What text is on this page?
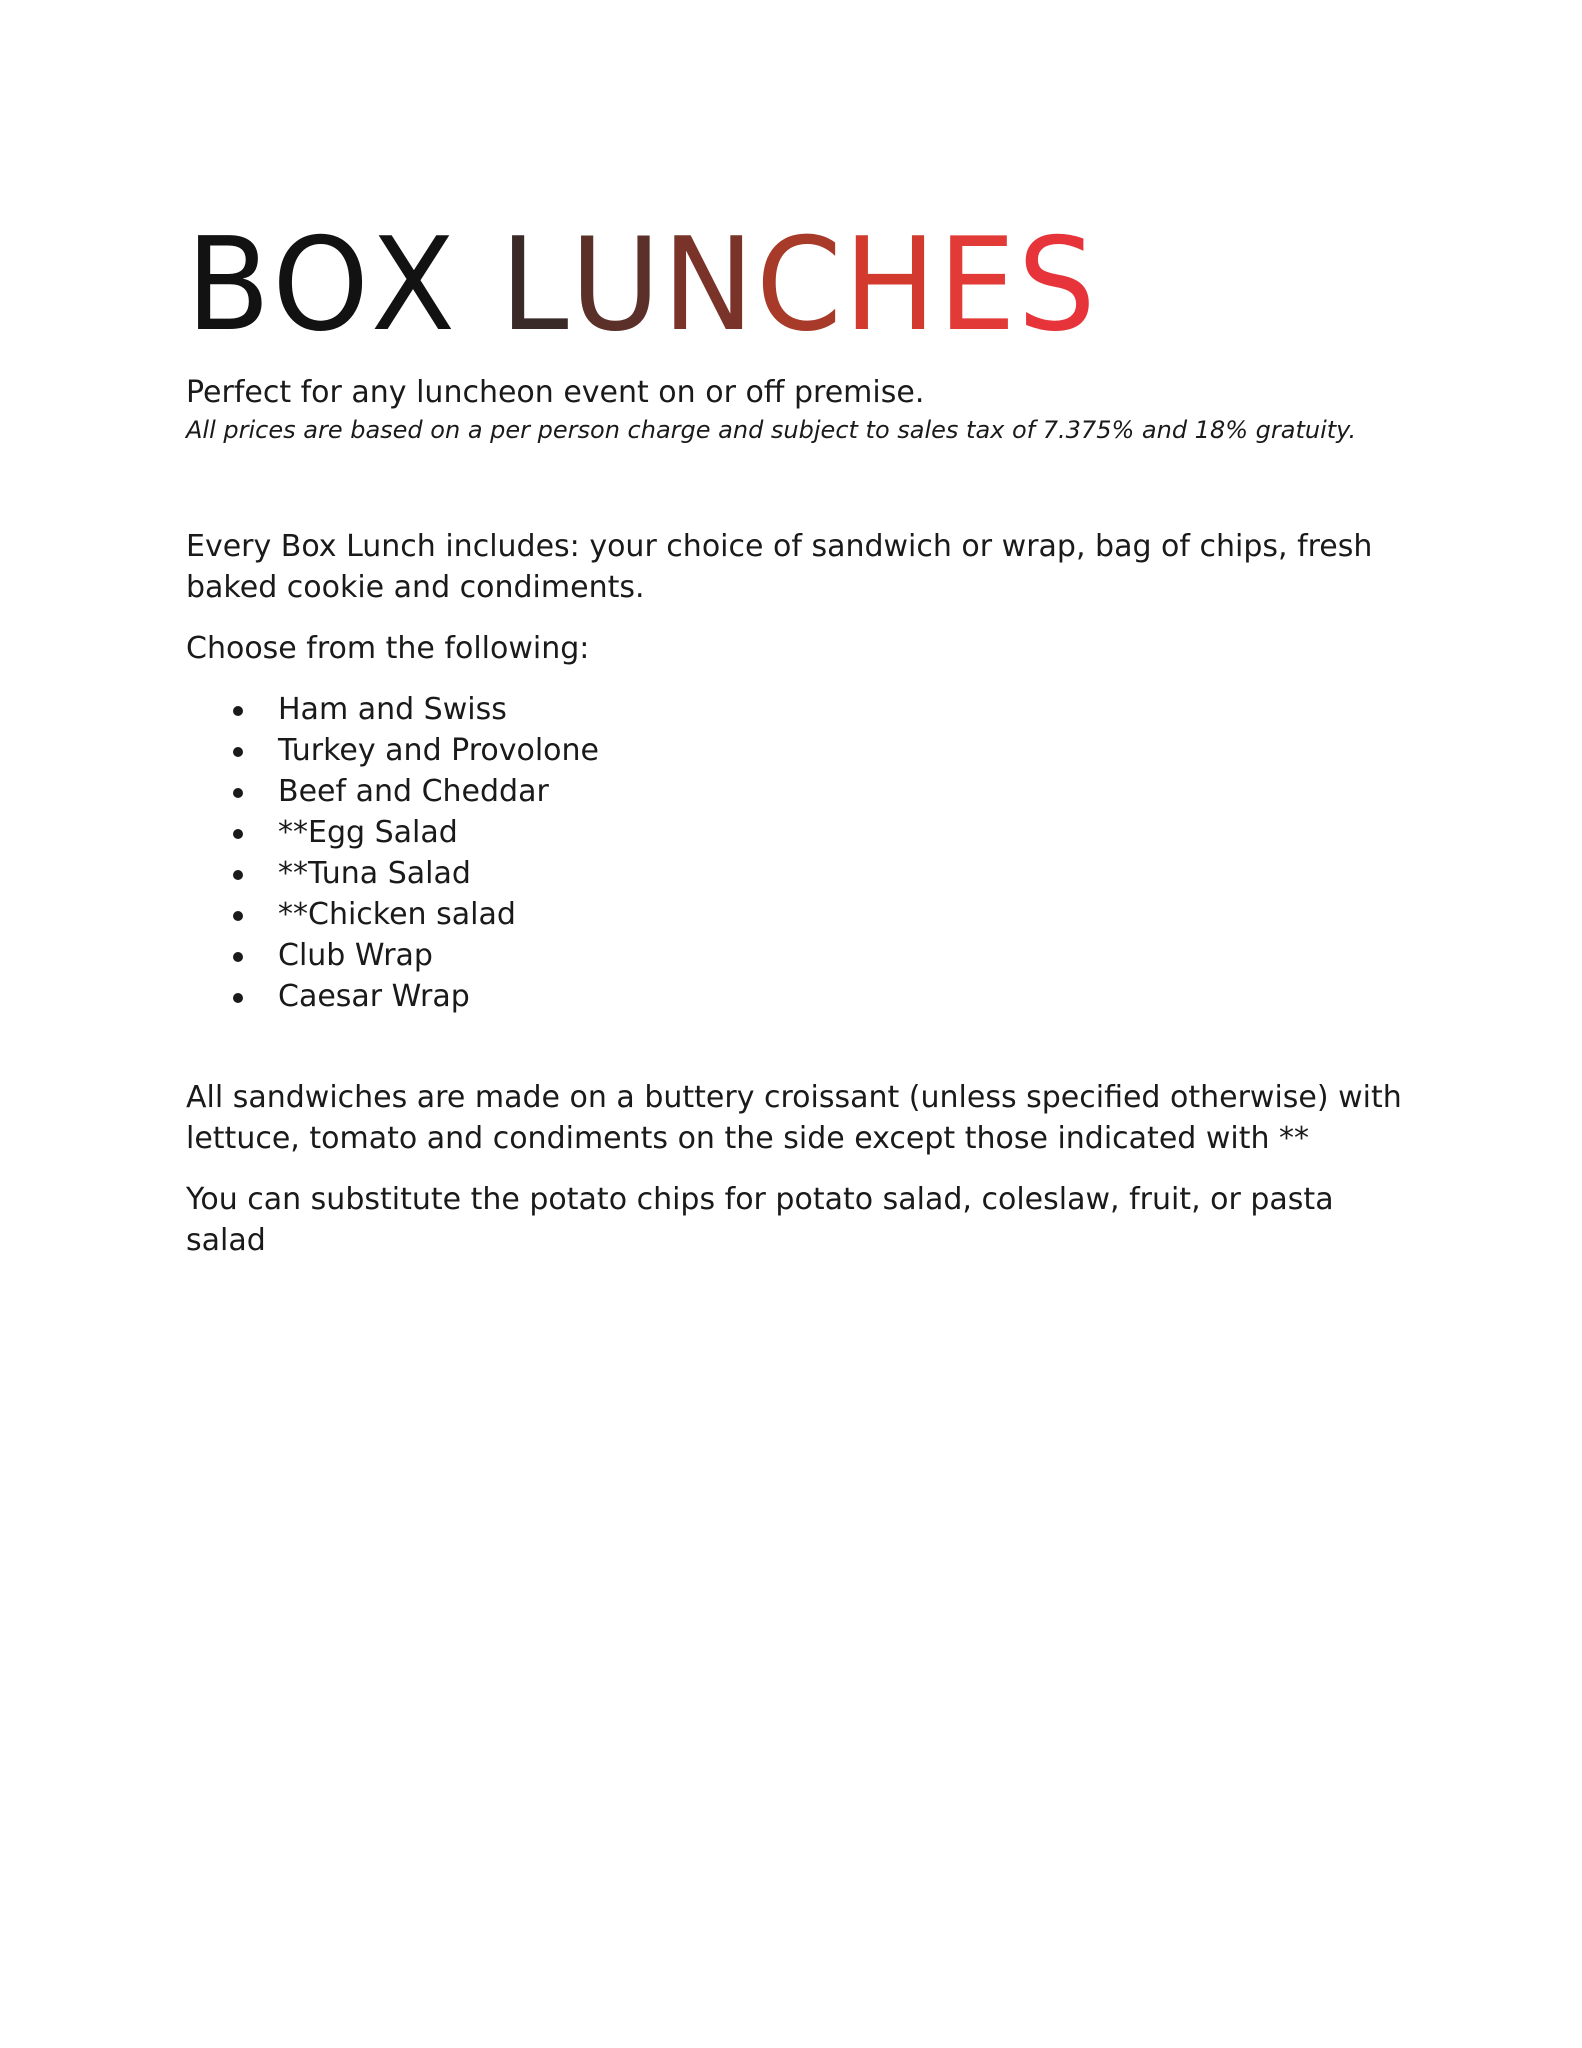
BOX LUNCHES

Perfect for any luncheon event on or off premise.

All prices are based on a per person charge and subject to sales tax of 7.375% and 18% gratuity.

Every Box Lunch includes: your choice of sandwich or wrap, bag of chips, fresh baked cookie and condiments.

Choose from the following:

Ham and Swiss
Turkey and Provolone
Beef and Cheddar
**Egg Salad
**Tuna Salad
**Chicken salad
Club Wrap
Caesar Wrap

All sandwiches are made on a buttery croissant (unless specified otherwise) with lettuce, tomato and condiments on the side except those indicated with **

You can substitute the potato chips for potato salad, coleslaw, fruit, or pasta salad
